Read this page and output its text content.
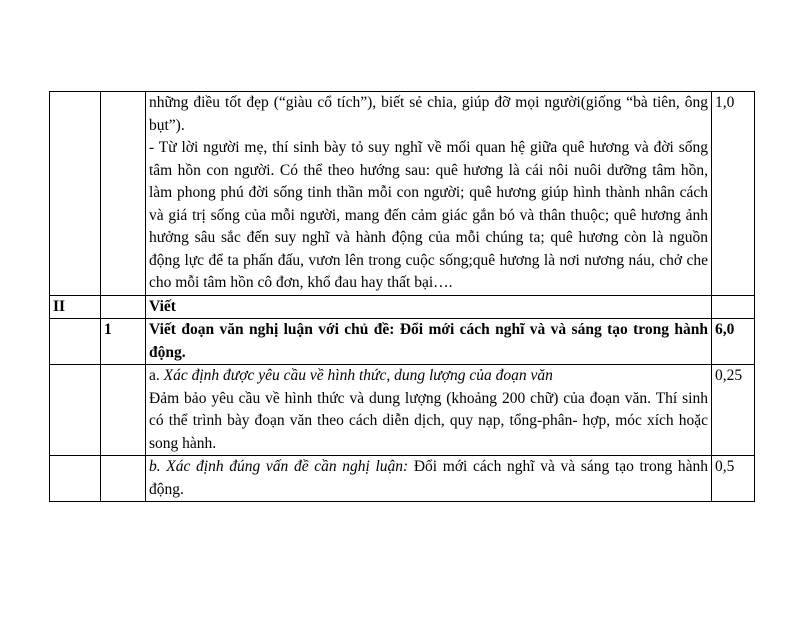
		những điều tốt đẹp (“giàu cổ tích”), biết sẻ chia, giúp đỡ mọi người(giống “bà tiên, ông bụt”).
- Từ lời người mẹ, thí sinh bày tỏ suy nghĩ về mối quan hệ giữa quê hương và đời sống tâm hồn con người. Có thể theo hướng sau: quê hương là cái nôi nuôi dưỡng tâm hồn, làm phong phú đời sống tinh thần mỗi con người; quê hương giúp hình thành nhân cách và giá trị sống của mỗi người, mang đến cảm giác gắn bó và thân thuộc; quê hương ảnh hưởng sâu sắc đến suy nghĩ và hành động của mỗi chúng ta; quê hương còn là nguồn động lực để ta phấn đấu, vươn lên trong cuộc sống;quê hương là nơi nương náu, chở che cho mỗi tâm hồn cô đơn, khổ đau hay thất bại….	1,0
II		Viết	
	1	Viết đoạn văn nghị luận với chủ đề: Đổi mới cách nghĩ và và sáng tạo trong hành động.	6,0
		a. Xác định được yêu cầu về hình thức, dung lượng của đoạn văn
Đảm bảo yêu cầu về hình thức và dung lượng (khoảng 200 chữ) của đoạn văn. Thí sinh có thể trình bày đoạn văn theo cách diễn dịch, quy nạp, tổng-phân- hợp, móc xích hoặc song hành.	0,25
		b. Xác định đúng vấn đề cần nghị luận: Đổi mới cách nghĩ và và sáng tạo trong hành động.	0,5
